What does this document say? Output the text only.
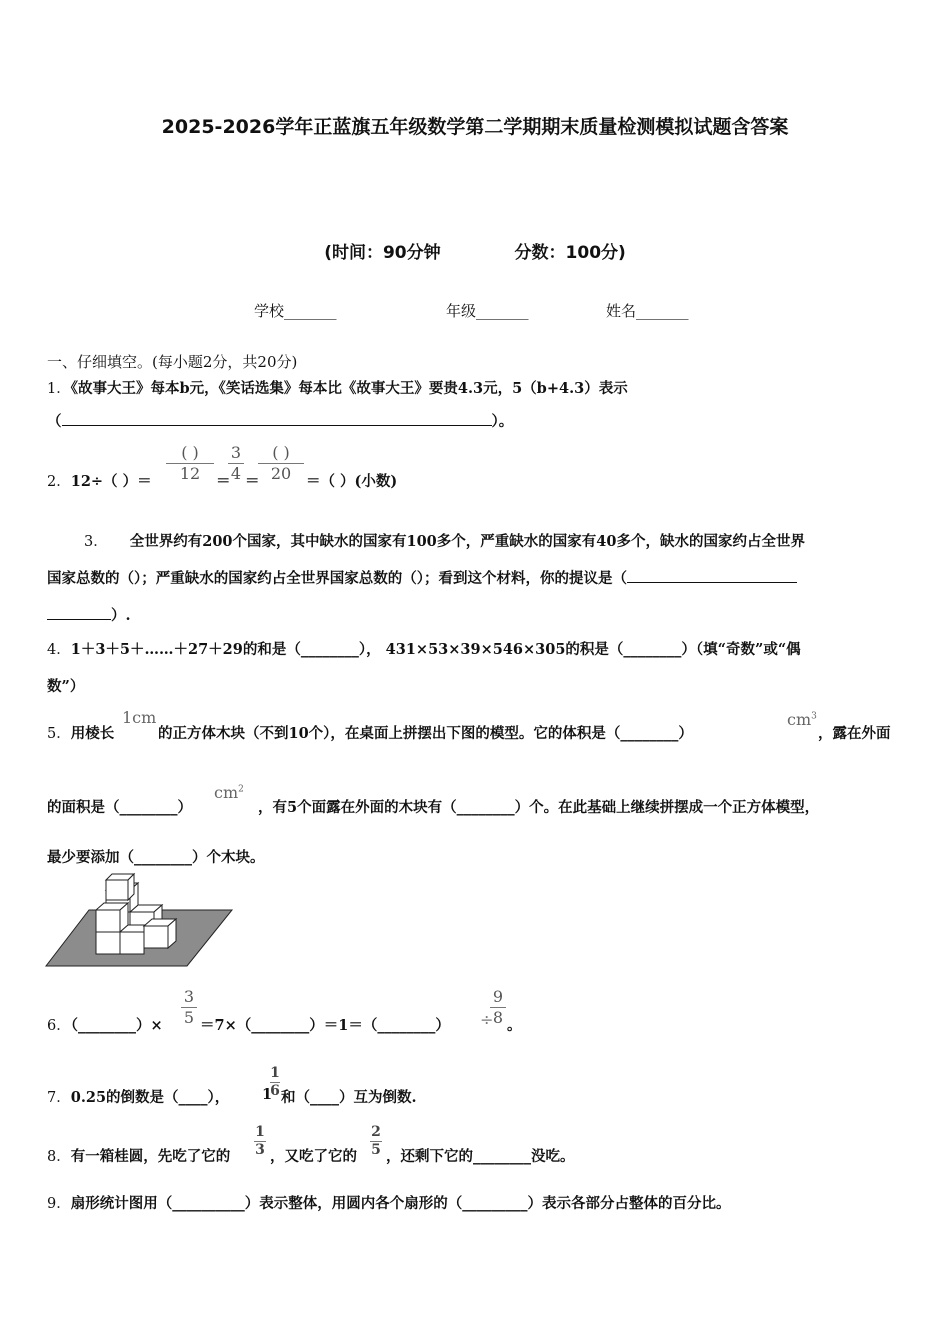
2025-2026学年正蓝旗五年级数学第二学期期末质量检测模拟试题含答案
(时间：90分钟	分数：100分)
学校_______	年级_______	姓名_______
一、仔细填空。(每小题2分，共20分)
1．《故事大王》每本b元，《笑话选集》每本比《故事大王》要贵4.3元，5（b+4.3）表示
（	）。
2．12÷（ ）＝
( )
12	＝
3
4 ＝
( )
20	＝（ ）(小数)
3． 全世界约有200个国家，其中缺水的国家有100多个，严重缺水的国家有40多个，缺水的国家约占全世界
国家总数的（）；严重缺水的国家约占全世界国家总数的（）；看到这个材料，你的提议是（
）.
4．1＋3＋5＋……＋27＋29的和是（________）， 431×53×39×546×305的积是（________）（填“奇数”或“偶
数”）
5．用棱长
1cm
的正方体木块（不到10个），在桌面上拼摆出下图的模型。它的体积是（________）
$cm^3$
，露在外面
的面积是（________）
$cm^2$
，有5个面露在外面的木块有（________）个。在此基础上继续拼摆成一个正方体模型，
最少要添加（________）个木块。
6．（________）×
3
5 ＝7×（________）＝1＝（________） ÷
9
8 。
7．0.25的倒数是（____）， 1
1
6 和（____）互为倒数.
8．有一箱桂圆，先吃了它的
1
3 ，又吃了它的
2
5 ，还剩下它的________没吃。
9．扇形统计图用（__________）表示整体，用圆内各个扇形的（_________）表示各部分占整体的百分比。
